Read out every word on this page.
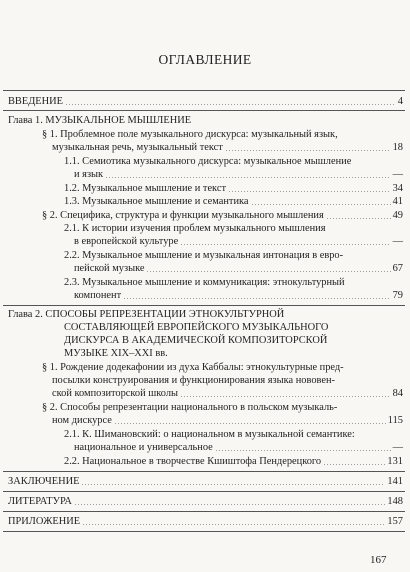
ОГЛАВЛЕНИЕ
ВВЕДЕНИЕ	4
Глава 1. МУЗЫКАЛЬНОЕ МЫШЛЕНИЕ
§ 1. Проблемное поле музыкального дискурса: музыкальный язык,
музыкальная речь, музыкальный текст	18
1.1. Семиотика музыкального дискурса: музыкальное мышление
и язык	—
1.2. Музыкальное мышление и текст	34
1.3. Музыкальное мышление и семантика	41
§ 2. Специфика, структура и функции музыкального мышления	49
2.1. К истории изучения проблем музыкального мышления
в европейской культуре	—
2.2. Музыкальное мышление и музыкальная интонация в евро-
пейской музыке	67
2.3. Музыкальное мышление и коммуникация: этнокультурный
компонент	79
Глава 2. СПОСОБЫ РЕПРЕЗЕНТАЦИИ ЭТНОКУЛЬТУРНОЙ
СОСТАВЛЯЮЩЕЙ ЕВРОПЕЙСКОГО МУЗЫКАЛЬНОГО
ДИСКУРСА В АКАДЕМИЧЕСКОЙ КОМПОЗИТОРСКОЙ
МУЗЫКЕ XIX–XXI вв.
§ 1. Рождение додекафонии из духа Каббалы: этнокультурные пред-
посылки конструирования и функционирования языка нововен-
ской композиторской школы	84
§ 2. Способы репрезентации национального в польском музыкаль-
ном дискурсе	115
2.1. К. Шимановский: о национальном в музыкальной семантике:
национальное и универсальное	—
2.2. Национальное в творчестве Кшиштофа Пендерецкого	131
ЗАКЛЮЧЕНИЕ	141
ЛИТЕРАТУРА	148
ПРИЛОЖЕНИЕ	157
167
